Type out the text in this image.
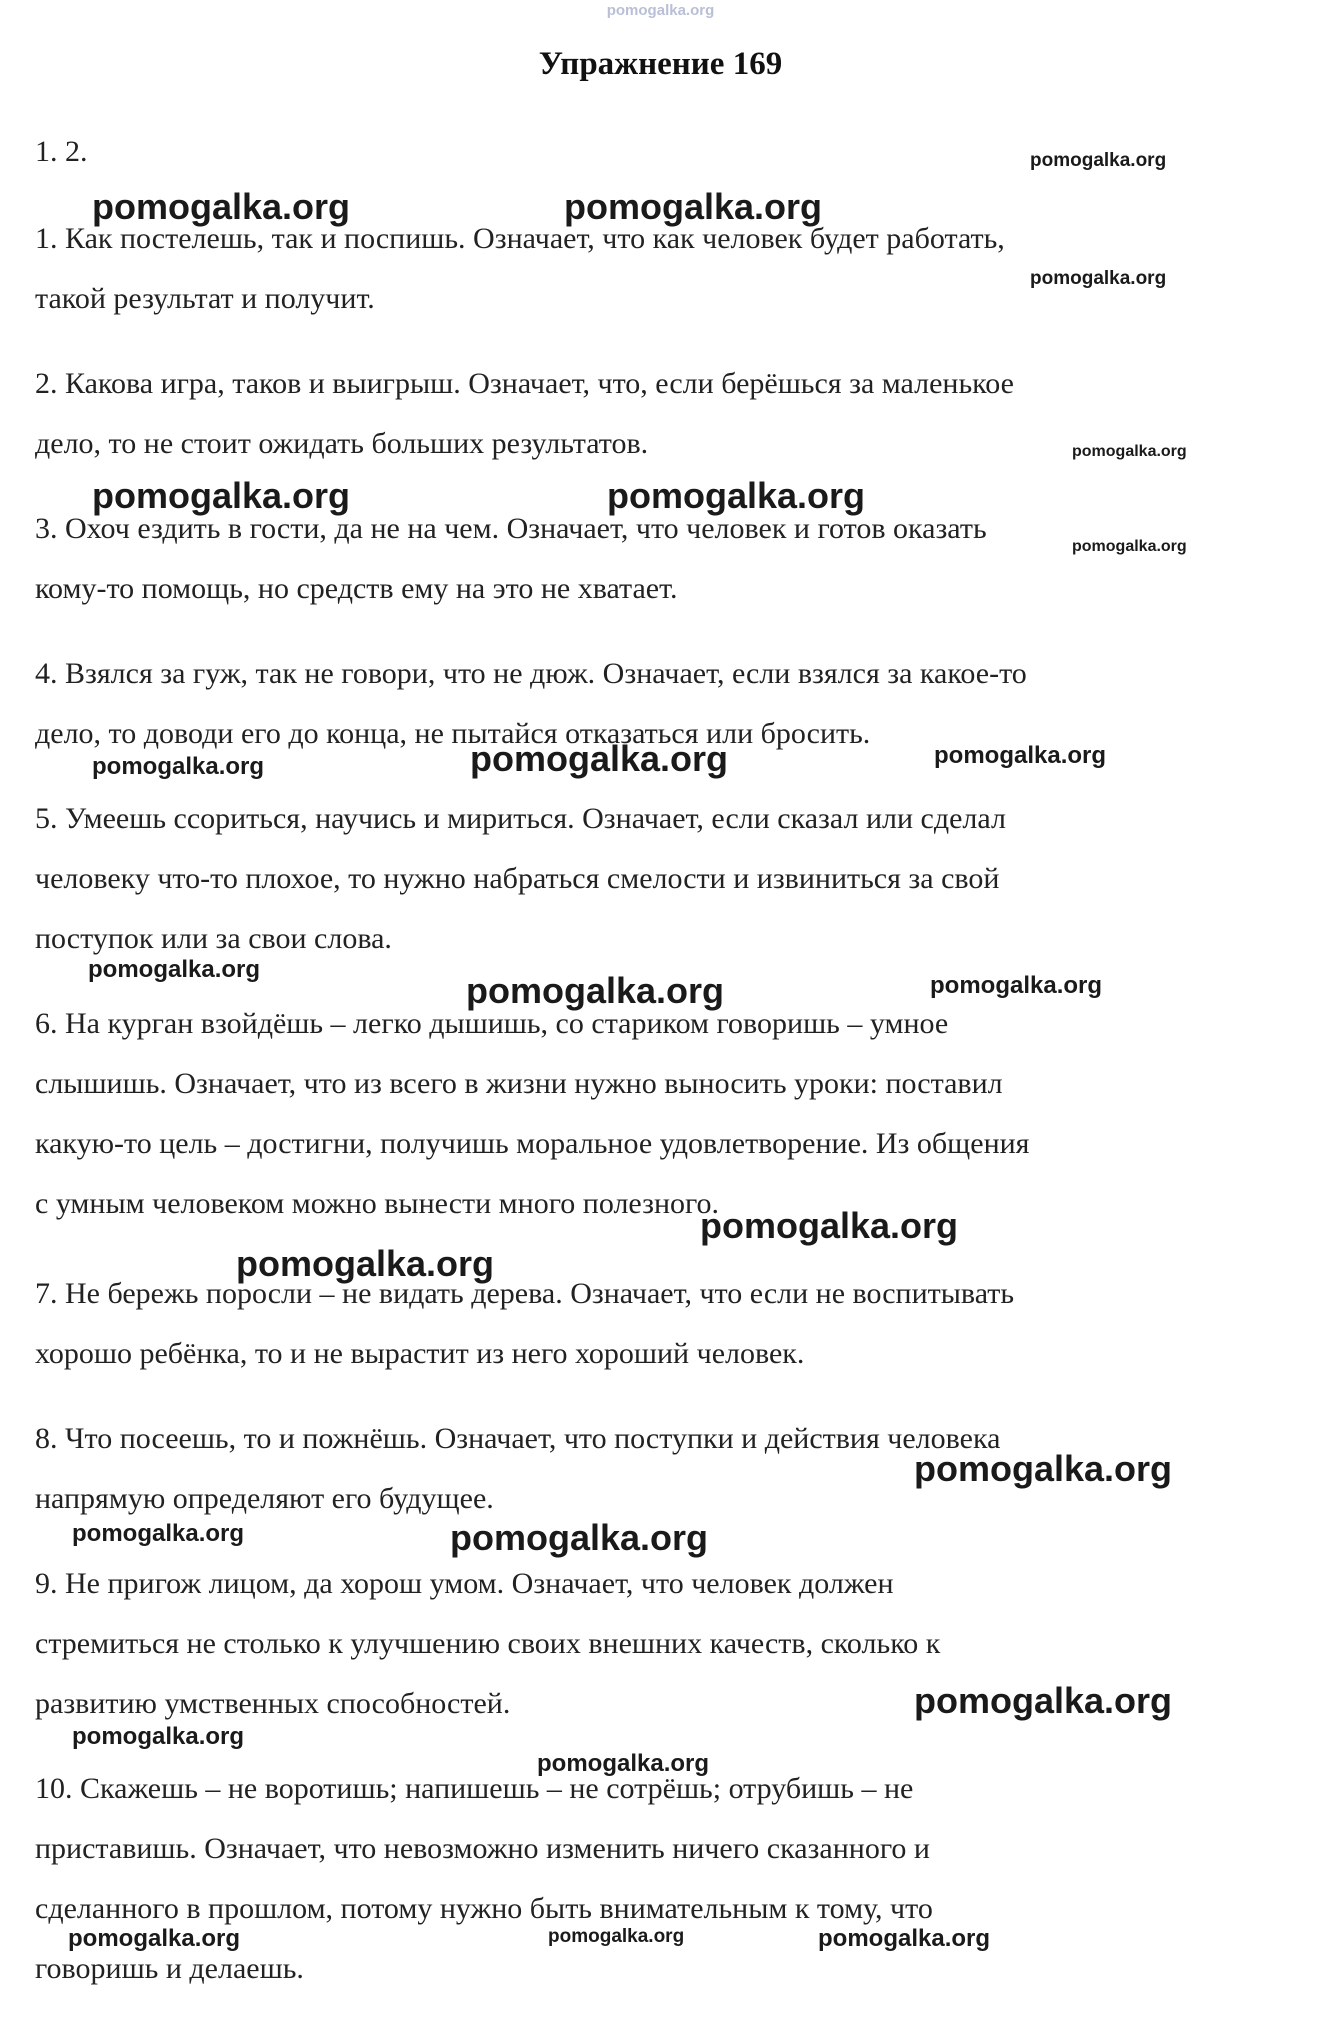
pomogalka.org
Упражнение 169
1. 2.
1. Как постелешь, так и поспишь. Означает, что как человек будет работать,
такой результат и получит.
2. Какова игра, таков и выигрыш. Означает, что, если берёшься за маленькое
дело, то не стоит ожидать больших результатов.
3. Охоч ездить в гости, да не на чем. Означает, что человек и готов оказать
кому-то помощь, но средств ему на это не хватает.
4. Взялся за гуж, так не говори, что не дюж. Означает, если взялся за какое-то
дело, то доводи его до конца, не пытайся отказаться или бросить.
5. Умеешь ссориться, научись и мириться. Означает, если сказал или сделал
человеку что-то плохое, то нужно набраться смелости и извиниться за свой
поступок или за свои слова.
6. На курган взойдёшь – легко дышишь, со стариком говоришь – умное
слышишь. Означает, что из всего в жизни нужно выносить уроки: поставил
какую-то цель – достигни, получишь моральное удовлетворение. Из общения
с умным человеком можно вынести много полезного.
7. Не бережь поросли – не видать дерева. Означает, что если не воспитывать
хорошо ребёнка, то и не вырастит из него хороший человек.
8. Что посеешь, то и пожнёшь. Означает, что поступки и действия человека
напрямую определяют его будущее.
9. Не пригож лицом, да хорош умом. Означает, что человек должен
стремиться не столько к улучшению своих внешних качеств, сколько к
развитию умственных способностей.
10. Скажешь – не воротишь; напишешь – не сотрёшь; отрубишь – не
приставишь. Означает, что невозможно изменить ничего сказанного и
сделанного в прошлом, потому нужно быть внимательным к тому, что
говоришь и делаешь.
pomogalka.org
pomogalka.org	pomogalka.org
pomogalka.org
pomogalka.org
pomogalka.org	pomogalka.org
pomogalka.org
pomogalka.org
pomogalka.org
pomogalka.org
pomogalka.org
pomogalka.org	pomogalka.org
pomogalka.org
pomogalka.org
pomogalka.org
pomogalka.org	pomogalka.org
pomogalka.org
pomogalka.org
pomogalka.org
pomogalka.org	pomogalka.org	pomogalka.org
